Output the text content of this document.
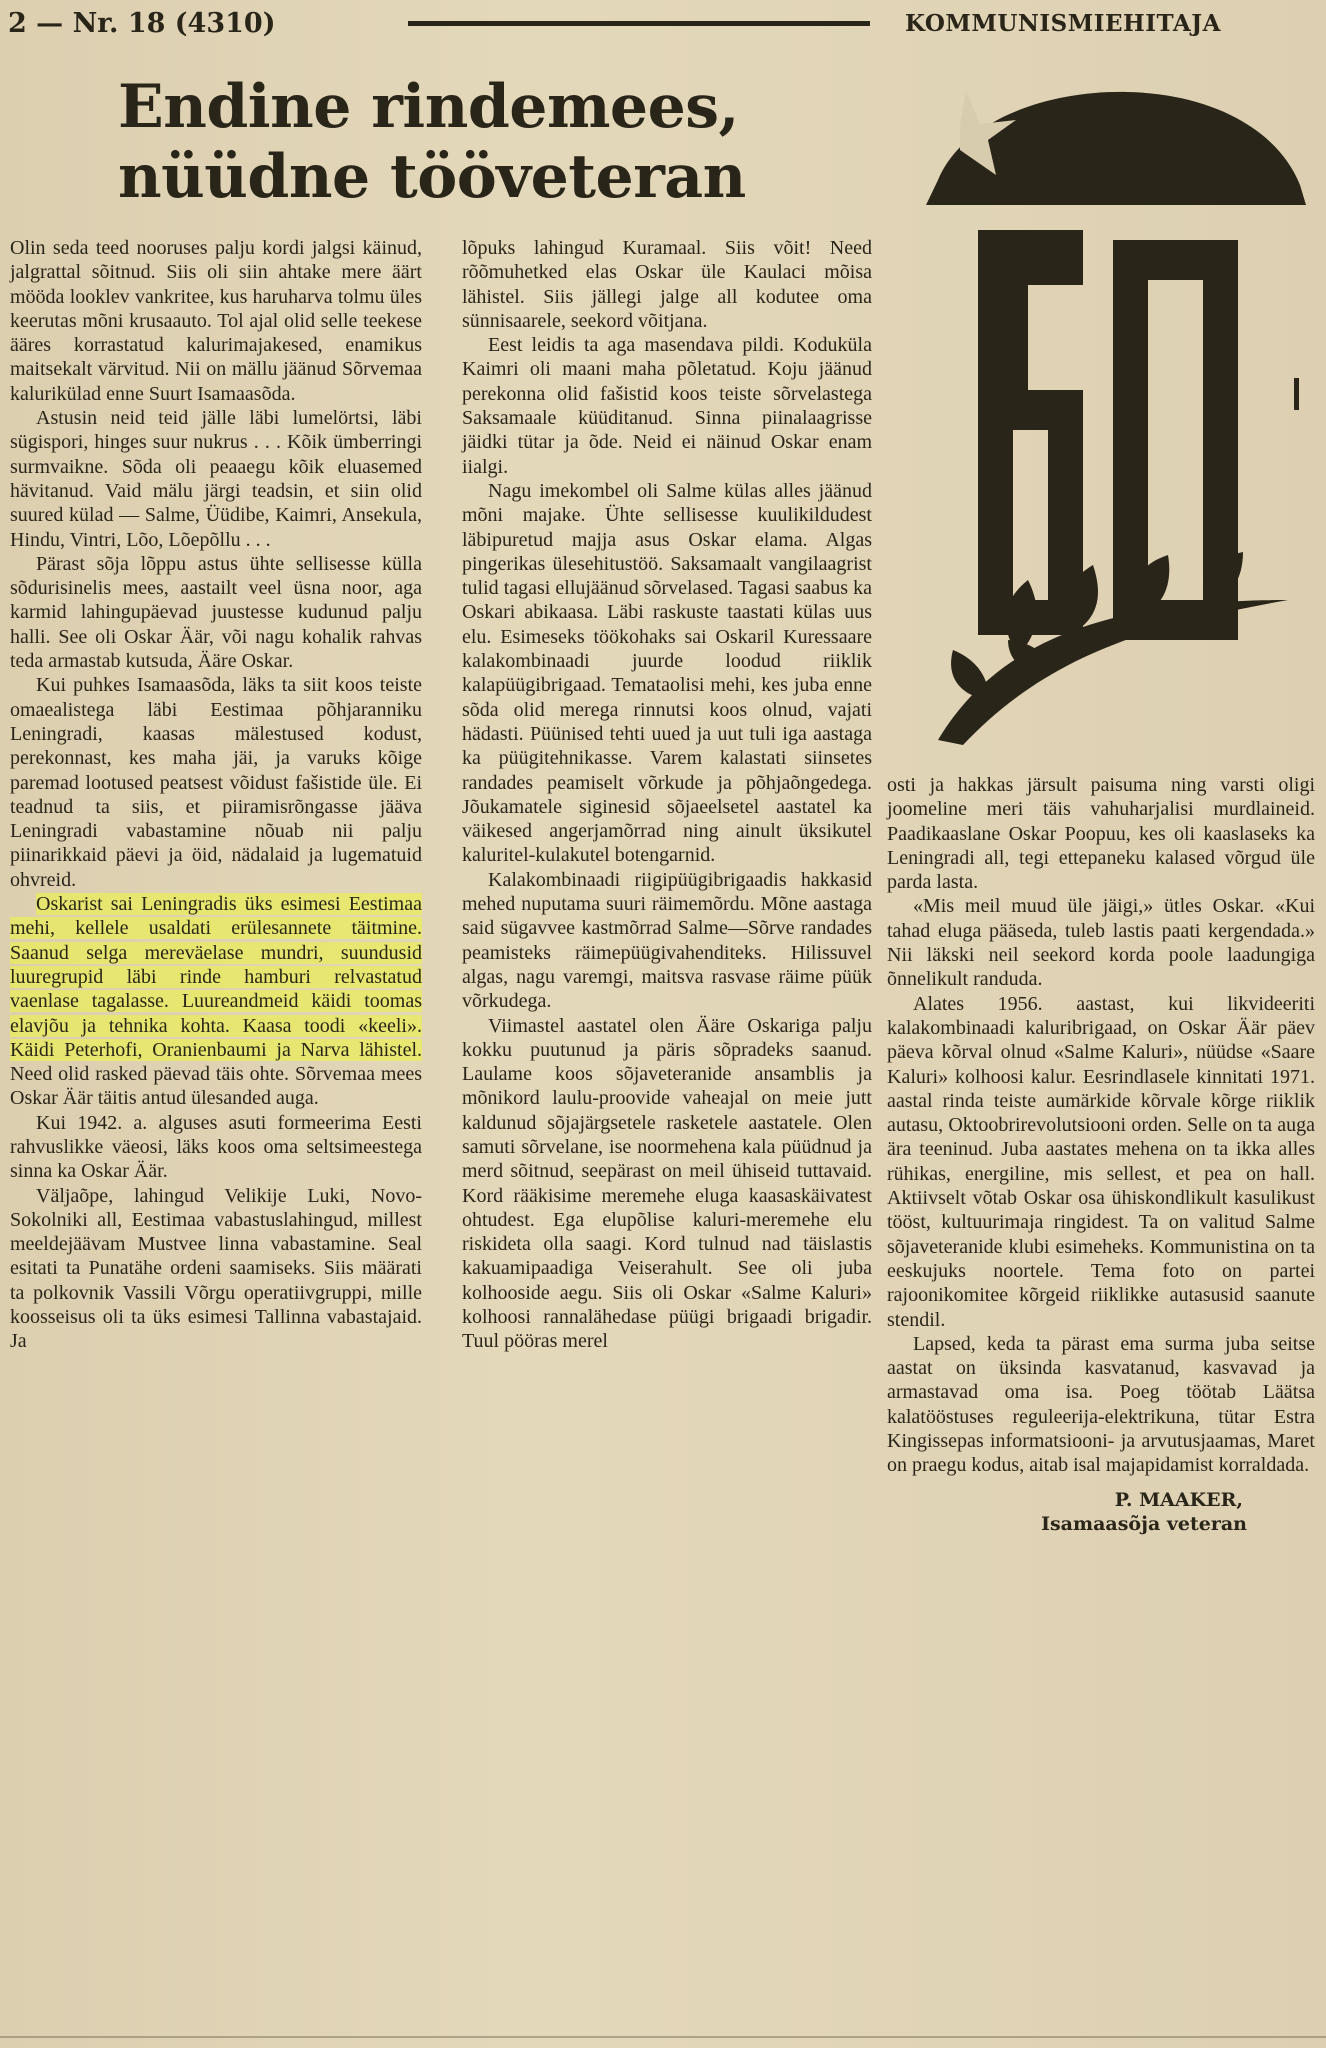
2 — Nr. 18 (4310)	KOMMUNISMIEHITAJA
Endine rindemees,
nüüdne tööveteran

Olin seda teed nooruses palju kordi jalgsi käinud, jalgrattal sõitnud. Siis oli siin ahtake mere äärt mööda looklev vankritee, kus haruharva tolmu üles keerutas mõni krusaauto. Tol ajal olid selle teekese ääres korrastatud kalurimajakesed, enamikus maitsekalt värvitud. Nii on mällu jäänud Sõrvemaa kalurikülad enne Suurt Isamaasõda.

Astusin neid teid jälle läbi lumelörtsi, läbi sügispori, hinges suur nukrus . . . Kõik ümberringi surmvaikne. Sõda oli peaaegu kõik eluasemed hävitanud. Vaid mälu järgi teadsin, et siin olid suured külad — Salme, Üüdibe, Kaimri, Ansekula, Hindu, Vintri, Lõo, Lõepõllu . . .

Pärast sõja lõppu astus ühte sellisesse külla sõdurisinelis mees, aastailt veel üsna noor, aga karmid lahingupäevad juustesse kudunud palju halli. See oli Oskar Äär, või nagu kohalik rahvas teda armastab kutsuda, Ääre Oskar.

Kui puhkes Isamaasõda, läks ta siit koos teiste omaealistega läbi Eestimaa põhjaranniku Leningradi, kaasas mälestused kodust, perekonnast, kes maha jäi, ja varuks kõige paremad lootused peatsest võidust fašistide üle. Ei teadnud ta siis, et piiramisrõngasse jääva Leningradi vabastamine nõuab nii palju piinarikkaid päevi ja öid, nädalaid ja lugematuid ohvreid.

Oskarist sai Leningradis üks esimesi Eestimaa mehi, kellele usaldati erülesannete täitmine. Saanud selga mereväelase mundri, suundusid luuregrupid läbi rinde hamburi relvastatud vaenlase tagalasse. Luureandmeid käidi toomas elavjõu ja tehnika kohta. Kaasa toodi «keeli». Käidi Peterhofi, Oranienbaumi ja Narva lähistel. Need olid rasked päevad täis ohte. Sõrvemaa mees Oskar Äär täitis antud ülesanded auga.

Kui 1942. a. alguses asuti formeerima Eesti rahvuslikke väeosi, läks koos oma seltsimeestega sinna ka Oskar Äär.

Väljaõpe, lahingud Velikije Luki, Novo-Sokolniki all, Eestimaa vabastuslahingud, millest meeldejäävam Mustvee linna vabastamine. Seal esitati ta Punatähe ordeni saamiseks. Siis määrati ta polkovnik Vassili Võrgu operatiivgruppi, mille koosseisus oli ta üks esimesi Tallinna vabastajaid. Ja

lõpuks lahingud Kuramaal. Siis võit! Need rõõmuhetked elas Oskar üle Kaulaci mõisa lähistel. Siis jällegi jalge all kodutee oma sünnisaarele, seekord võitjana.

Eest leidis ta aga masendava pildi. Koduküla Kaimri oli maani maha põletatud. Koju jäänud perekonna olid fašistid koos teiste sõrvelastega Saksamaale küüditanud. Sinna piinalaagrisse jäidki tütar ja õde. Neid ei näinud Oskar enam iialgi.

Nagu imekombel oli Salme külas alles jäänud mõni majake. Ühte sellisesse kuulikildudest läbipuretud majja asus Oskar elama. Algas pingerikas ülesehitustöö. Saksamaalt vangilaagrist tulid tagasi ellujäänud sõrvelased. Tagasi saabus ka Oskari abikaasa. Läbi raskuste taastati külas uus elu. Esimeseks töökohaks sai Oskaril Kuressaare kalakombinaadi juurde loodud riiklik kalapüügibrigaad. Temataolisi mehi, kes juba enne sõda olid merega rinnutsi koos olnud, vajati hädasti. Püünised tehti uued ja uut tuli iga aastaga ka püügitehnikasse. Varem kalastati siinsetes randades peamiselt võrkude ja põhjaõngedega. Jõukamatele siginesid sõjaeelsetel aastatel ka väikesed angerjamõrrad ning ainult üksikutel kaluritel-kulakutel botengarnid.

Kalakombinaadi riigipüügibrigaadis hakkasid mehed nuputama suuri räimemõrdu. Mõne aastaga said sügavvee kastmõrrad Salme—Sõrve randades peamisteks räimepüügivahenditeks. Hilissuvel algas, nagu varemgi, maitsva rasvase räime püük võrkudega.

Viimastel aastatel olen Ääre Oskariga palju kokku puutunud ja päris sõpradeks saanud. Laulame koos sõjaveteranide ansamblis ja mõnikord laulu-proovide vaheajal on meie jutt kaldunud sõjajärgsetele rasketele aastatele. Olen samuti sõrvelane, ise noormehena kala püüdnud ja merd sõitnud, seepärast on meil ühiseid tuttavaid. Kord rääkisime meremehe eluga kaasaskäivatest ohtudest. Ega elupõlise kaluri-meremehe elu riskideta olla saagi. Kord tulnud nad täislastis kakuamipaadiga Veiserahult. See oli juba kolhooside aegu. Siis oli Oskar «Salme Kaluri» kolhoosi rannalähedase püügi brigaadi brigadir. Tuul pööras merel

osti ja hakkas järsult paisuma ning varsti oligi joomeline meri täis vahuharjalisi murdlaineid. Paadikaaslane Oskar Poopuu, kes oli kaaslaseks ka Leningradi all, tegi ettepaneku kalased võrgud üle parda lasta.

«Mis meil muud üle jäigi,» ütles Oskar. «Kui tahad eluga pääseda, tuleb lastis paati kergendada.» Nii läkski neil seekord korda poole laadungiga õnnelikult randuda.

Alates 1956. aastast, kui likvideeriti kalakombinaadi kaluribrigaad, on Oskar Äär päev päeva kõrval olnud «Salme Kaluri», nüüdse «Saare Kaluri» kolhoosi kalur. Eesrindlasele kinnitati 1971. aastal rinda teiste aumärkide kõrvale kõrge riiklik autasu, Oktoobrirevolutsiooni orden. Selle on ta auga ära teeninud. Juba aastates mehena on ta ikka alles rühikas, energiline, mis sellest, et pea on hall. Aktiivselt võtab Oskar osa ühiskondlikult kasulikust tööst, kultuurimaja ringidest. Ta on valitud Salme sõjaveteranide klubi esimeheks. Kommunistina on ta eeskujuks noortele. Tema foto on partei rajoonikomitee kõrgeid riiklikke autasusid saanute stendil.

Lapsed, keda ta pärast ema surma juba seitse aastat on üksinda kasvatanud, kasvavad ja armastavad oma isa. Poeg töötab Läätsa kalatööstuses reguleerija-elektrikuna, tütar Estra Kingissepas informatsiooni- ja arvutusjaamas, Maret on praegu kodus, aitab isal majapidamist korraldada.

P. MAAKER,
Isamaasõja veteran
